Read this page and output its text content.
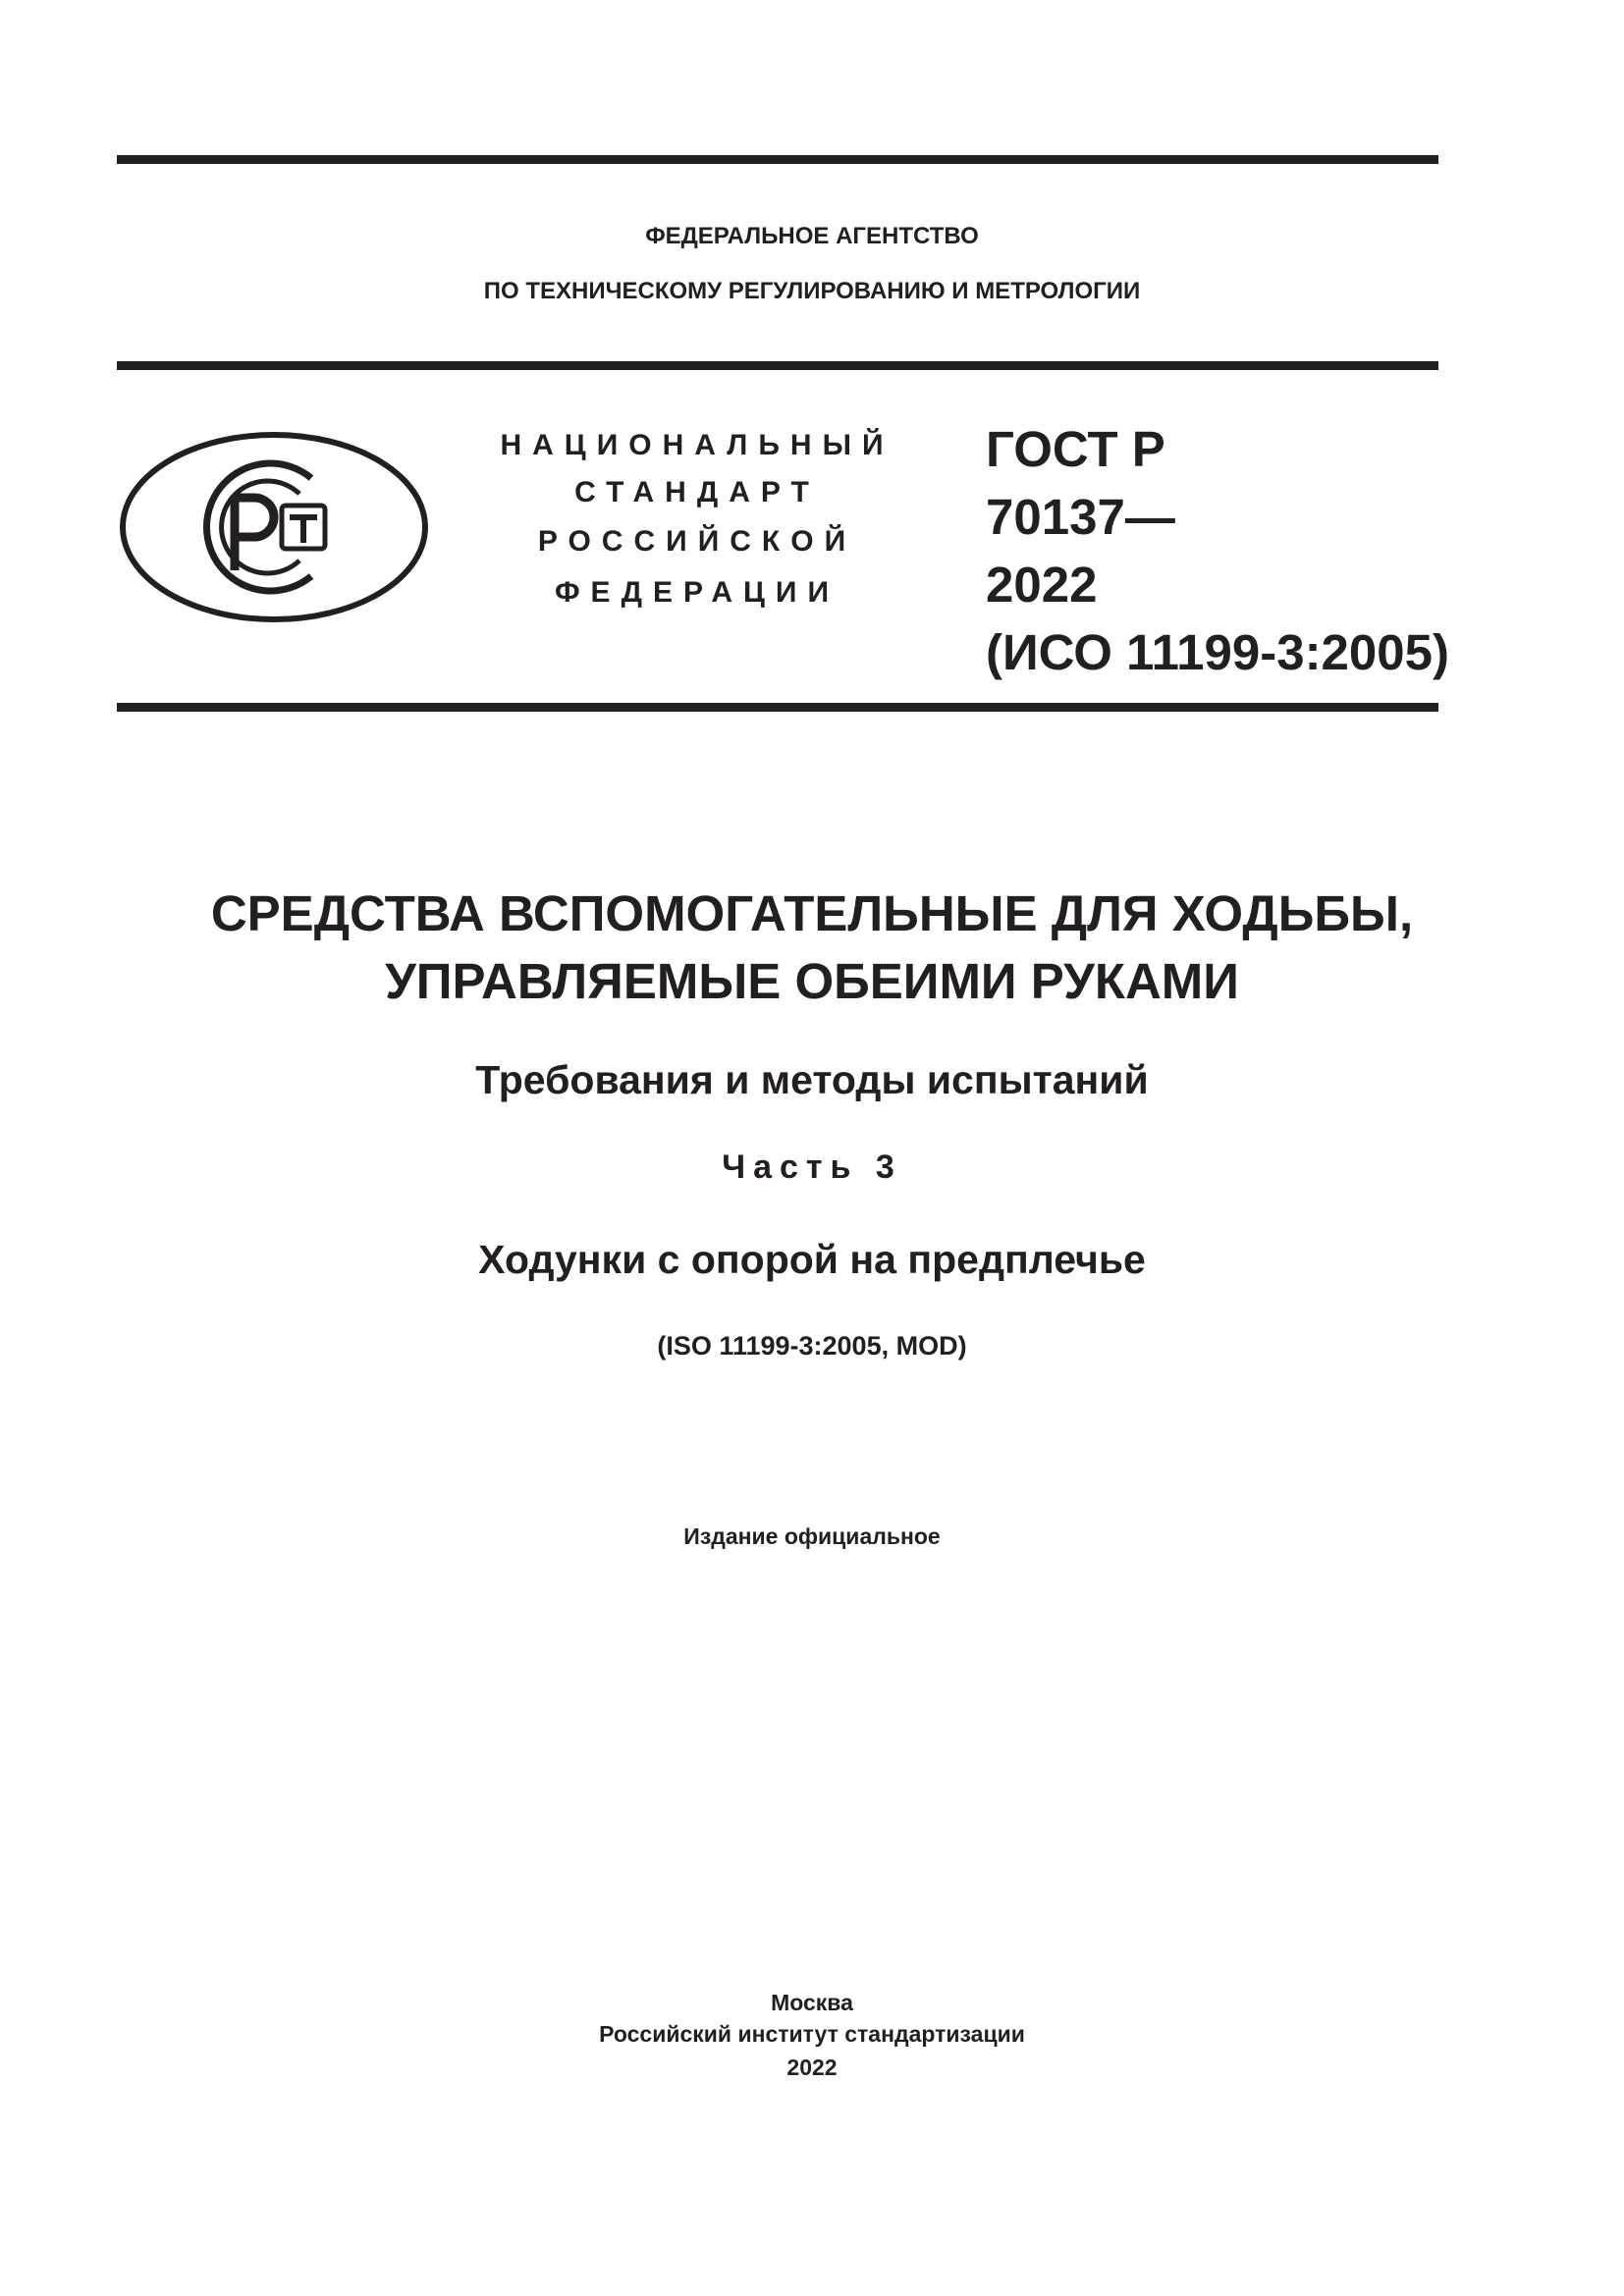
ФЕДЕРАЛЬНОЕ АГЕНТСТВО
ПО ТЕХНИЧЕСКОМУ РЕГУЛИРОВАНИЮ И МЕТРОЛОГИИ
НАЦИОНАЛЬНЫЙ
СТАНДАРТ
РОССИЙСКОЙ
ФЕДЕРАЦИИ
ГОСТ Р
70137—
2022
(ИСО 11199-3:2005)
СРЕДСТВА ВСПОМОГАТЕЛЬНЫЕ ДЛЯ ХОДЬБЫ,
УПРАВЛЯЕМЫЕ ОБЕИМИ РУКАМИ
Требования и методы испытаний
Часть 3
Ходунки с опорой на предплечье
(ISO 11199-3:2005, MOD)
Издание официальное
Москва
Российский институт стандартизации
2022
